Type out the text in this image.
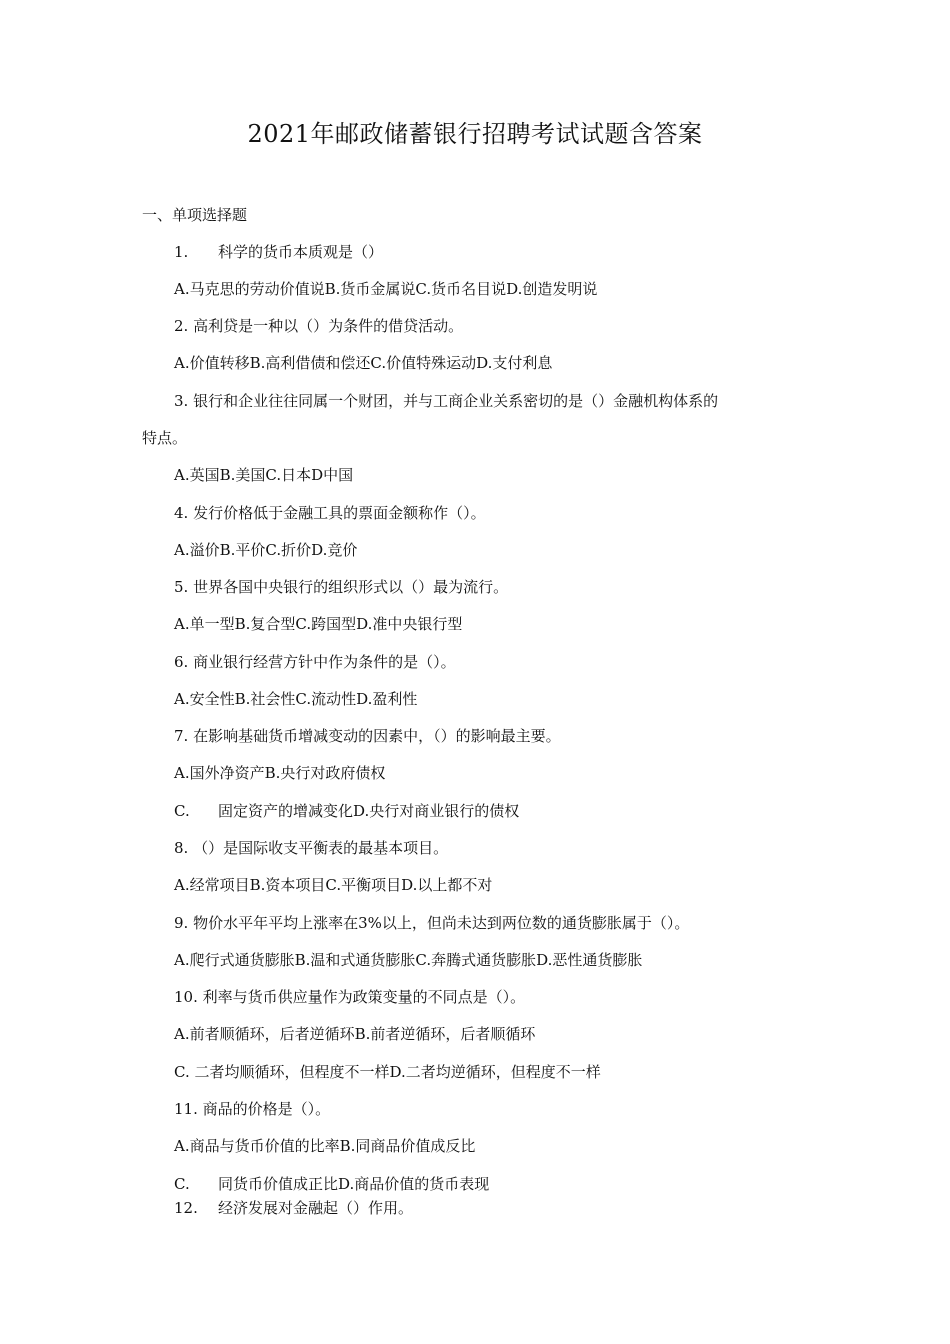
2021年邮政储蓄银行招聘考试试题含答案
一、单项选择题
1. 科学的货币本质观是（）
A.马克思的劳动价值说B.货币金属说C.货币名目说D.创造发明说
2. 高利贷是一种以（）为条件的借贷活动。
A.价值转移B.高利借债和偿还C.价值特殊运动D.支付利息
3. 银行和企业往往同属一个财团，并与工商企业关系密切的是（）金融机构体系的
特点。
A.英国B.美国C.日本D中国
4. 发行价格低于金融工具的票面金额称作（）。
A.溢价B.平价C.折价D.竞价
5. 世界各国中央银行的组织形式以（）最为流行。
A.单一型B.复合型C.跨国型D.准中央银行型
6. 商业银行经营方针中作为条件的是（）。
A.安全性B.社会性C.流动性D.盈利性
7. 在影响基础货币增减变动的因素中，（）的影响最主要。
A.国外净资产B.央行对政府债权
C. 固定资产的增减变化D.央行对商业银行的债权
8. （）是国际收支平衡表的最基本项目。
A.经常项目B.资本项目C.平衡项目D.以上都不对
9. 物价水平年平均上涨率在3%以上，但尚未达到两位数的通货膨胀属于（）。
A.爬行式通货膨胀B.温和式通货膨胀C.奔腾式通货膨胀D.恶性通货膨胀
10. 利率与货币供应量作为政策变量的不同点是（）。
A.前者顺循环，后者逆循环B.前者逆循环，后者顺循环
C. 二者均顺循环，但程度不一样D.二者均逆循环，但程度不一样
11. 商品的价格是（）。
A.商品与货币价值的比率B.同商品价值成反比
C. 同货币价值成正比D.商品价值的货币表现
12. 经济发展对金融起（）作用。
